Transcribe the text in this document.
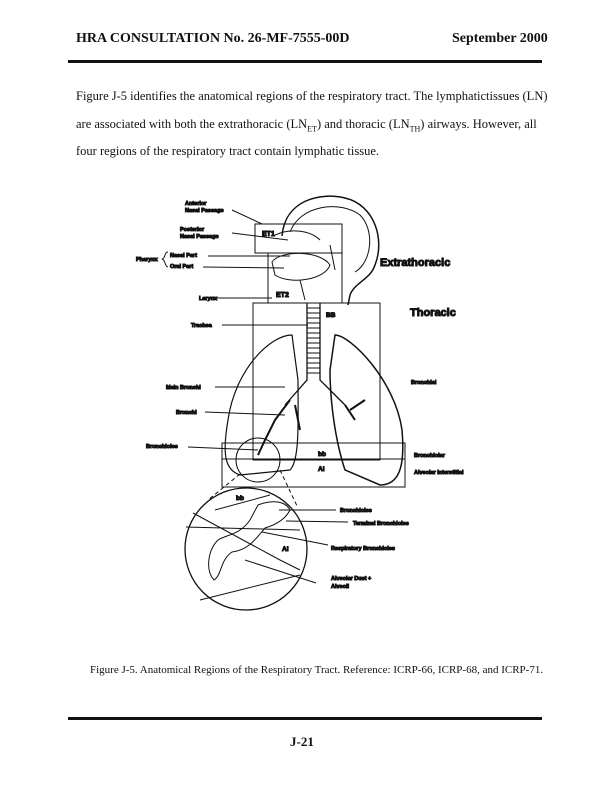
HRA CONSULTATION No. 26-MF-7555-00D	September 2000
Figure J-5 identifies the anatomical regions of the respiratory tract. The lymphatictissues (LN)
are associated with both the extrathoracic $(LN_{ET})$ and thoracic $(LN_{TH})$ airways. However, all
four regions of the respiratory tract contain lymphatic tissue.
Anterior
Nasal Passage
Posterior
Nasal Passage
Pharynx
Nasal Part
Oral Part
ET1
ET2
Extrathoracic
Larynx
BB	Thoracic
Trachea
Bronchial
Main Bronchi
Bronchi
Bronchioles
bb
AI
Bronchiolar
Alveolar Interstitial
bb
Bronchioles
Terminal Bronchioles
AI	Respiratory Bronchioles
Alveolar Duct +
Alveoli
Figure J-5. Anatomical Regions of the Respiratory Tract. Reference: ICRP-66, ICRP-68, and ICRP-71.
J-21
